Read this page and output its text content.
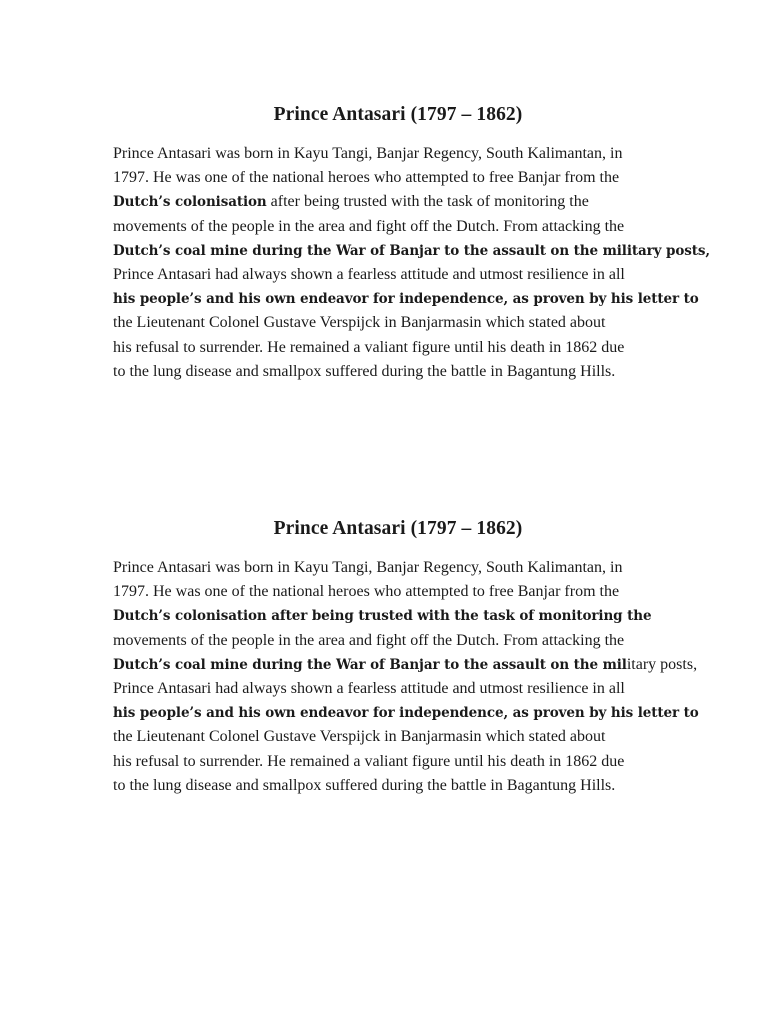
Prince Antasari (1797 – 1862)
Prince Antasari was born in Kayu Tangi, Banjar Regency, South Kalimantan, in
1797. He was one of the national heroes who attempted to free Banjar from the
Dutch’s colonisation after being trusted with the task of monitoring the
movements of the people in the area and fight off the Dutch. From attacking the
Dutch’s coal mine during the War of Banjar to the assault on the military posts,
Prince Antasari had always shown a fearless attitude and utmost resilience in all
his people’s and his own endeavor for independence, as proven by his letter to
the Lieutenant Colonel Gustave Verspijck in Banjarmasin which stated about
his refusal to surrender. He remained a valiant figure until his death in 1862 due
to the lung disease and smallpox suffered during the battle in Bagantung Hills.
Prince Antasari (1797 – 1862)
Prince Antasari was born in Kayu Tangi, Banjar Regency, South Kalimantan, in
1797. He was one of the national heroes who attempted to free Banjar from the
Dutch’s colonisation after being trusted with the task of monitoring the
movements of the people in the area and fight off the Dutch. From attacking the
Dutch’s coal mine during the War of Banjar to the assault on the military posts,
Prince Antasari had always shown a fearless attitude and utmost resilience in all
his people’s and his own endeavor for independence, as proven by his letter to
the Lieutenant Colonel Gustave Verspijck in Banjarmasin which stated about
his refusal to surrender. He remained a valiant figure until his death in 1862 due
to the lung disease and smallpox suffered during the battle in Bagantung Hills.
